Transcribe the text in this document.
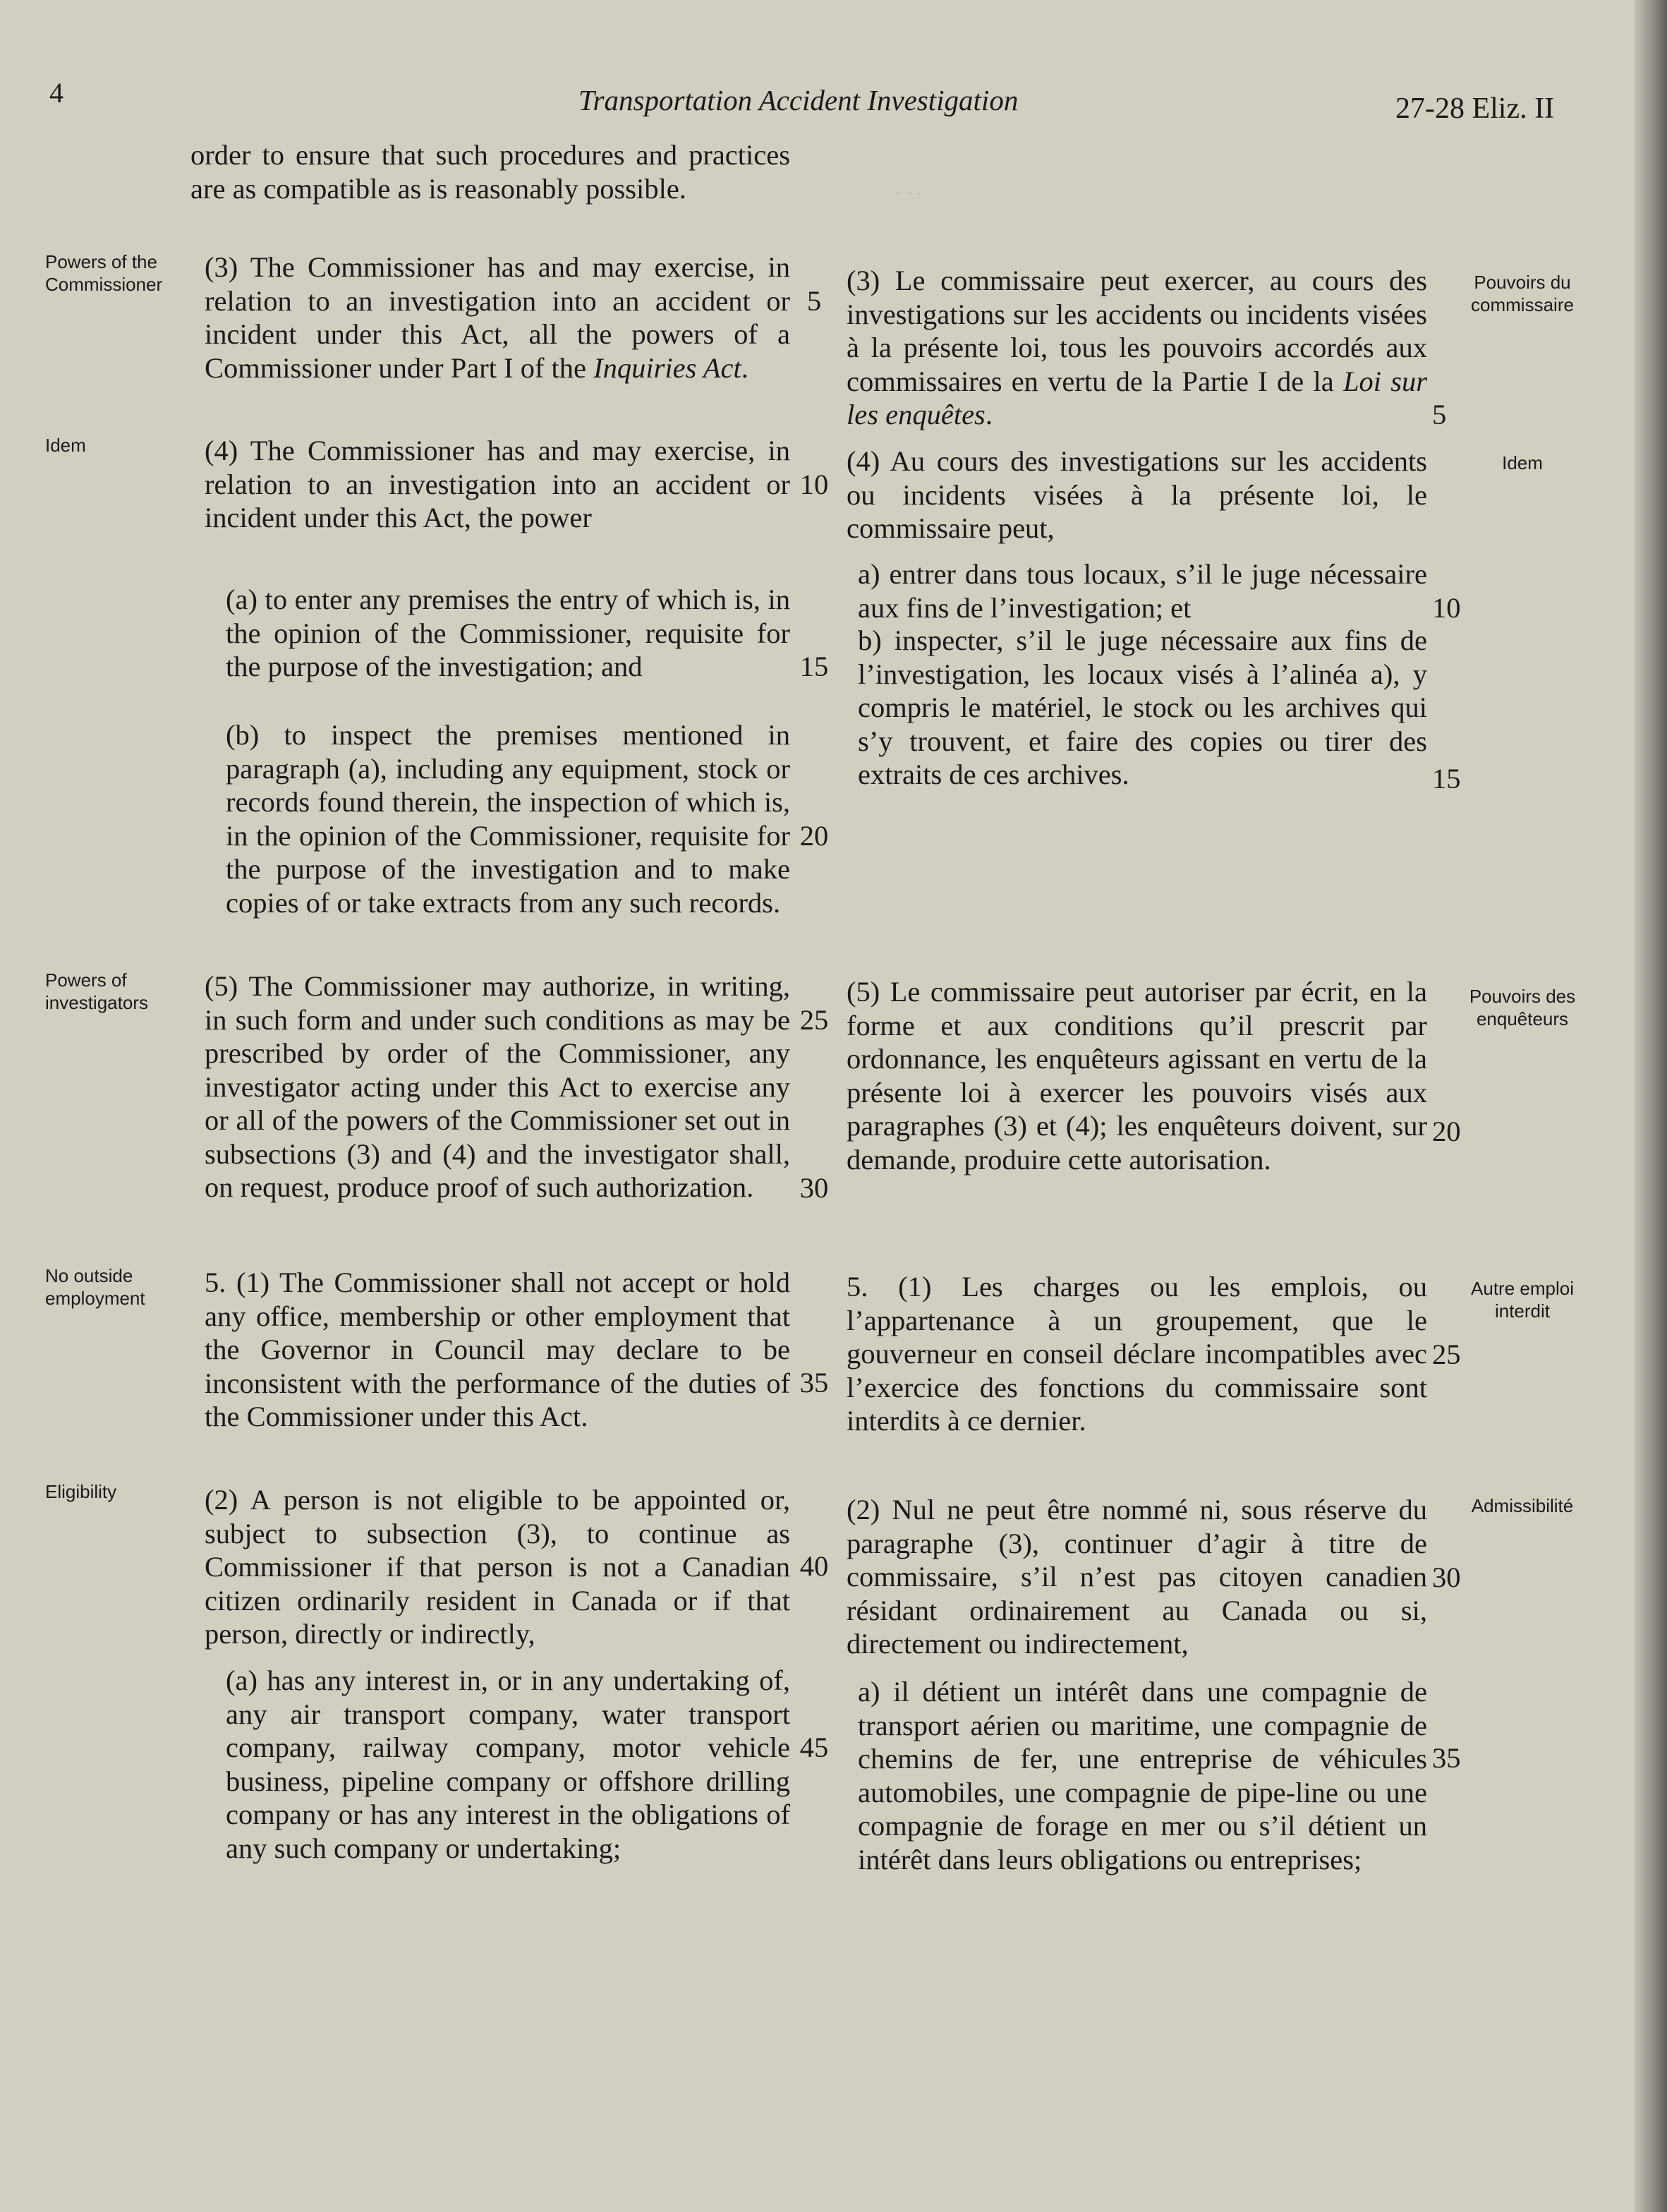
· · ·
4	Transportation Accident Investigation	27-28 Eliz. II
order to ensure that such procedures and practices are as compatible as is reasonably possible.
(3) The Commissioner has and may exercise, in relation to an investigation into an accident or incident under this Act, all the powers of a Commissioner under Part I of the Inquiries Act.
(4) The Commissioner has and may exercise, in relation to an investigation into an accident or incident under this Act, the power
(a) to enter any premises the entry of which is, in the opinion of the Commissioner, requisite for the purpose of the investigation; and
(b) to inspect the premises mentioned in paragraph (a), including any equipment, stock or records found therein, the inspection of which is, in the opinion of the Commissioner, requisite for the purpose of the investigation and to make copies of or take extracts from any such records.
(5) The Commissioner may authorize, in writing, in such form and under such conditions as may be prescribed by order of the Commissioner, any investigator acting under this Act to exercise any or all of the powers of the Commissioner set out in subsections (3) and (4) and the investigator shall, on request, produce proof of such authorization.
5. (1) The Commissioner shall not accept or hold any office, membership or other employment that the Governor in Council may declare to be inconsistent with the performance of the duties of the Commissioner under this Act.
(2) A person is not eligible to be appointed or, subject to subsection (3), to continue as Commissioner if that person is not a Canadian citizen ordinarily resident in Canada or if that person, directly or indirectly,
(a) has any interest in, or in any undertaking of, any air transport company, water transport company, railway company, motor vehicle business, pipeline company or offshore drilling company or has any interest in the obligations of any such company or undertaking;
(3) Le commissaire peut exercer, au cours des investigations sur les accidents ou incidents visées à la présente loi, tous les pouvoirs accordés aux commissaires en vertu de la Partie I de la Loi sur les enquêtes.
(4) Au cours des investigations sur les accidents ou incidents visées à la présente loi, le commissaire peut,
a) entrer dans tous locaux, s’il le juge nécessaire aux fins de l’investigation; et
b) inspecter, s’il le juge nécessaire aux fins de l’investigation, les locaux visés à l’alinéa a), y compris le matériel, le stock ou les archives qui s’y trouvent, et faire des copies ou tirer des extraits de ces archives.
(5) Le commissaire peut autoriser par écrit, en la forme et aux conditions qu’il prescrit par ordonnance, les enquêteurs agissant en vertu de la présente loi à exercer les pouvoirs visés aux paragraphes (3) et (4); les enquêteurs doivent, sur demande, produire cette autorisation.
5. (1) Les charges ou les emplois, ou l’appartenance à un groupement, que le gouverneur en conseil déclare incompatibles avec l’exercice des fonctions du commissaire sont interdits à ce dernier.
(2) Nul ne peut être nommé ni, sous réserve du paragraphe (3), continuer d’agir à titre de commissaire, s’il n’est pas citoyen canadien résidant ordinairement au Canada ou si, directement ou indirectement,
a) il détient un intérêt dans une compagnie de transport aérien ou maritime, une compagnie de chemins de fer, une entreprise de véhicules automobiles, une compagnie de pipe-line ou une compagnie de forage en mer ou s’il détient un intérêt dans leurs obligations ou entreprises;
Powers of the Commissioner
Idem
Powers of investigators
No outside employment
Eligibility
Pouvoirs du commissaire
Idem
Pouvoirs des enquêteurs
Autre emploi interdit
Admissibilité
5
10
15
20
25
30
35
40
45
5
10
15
20
25
30
35
